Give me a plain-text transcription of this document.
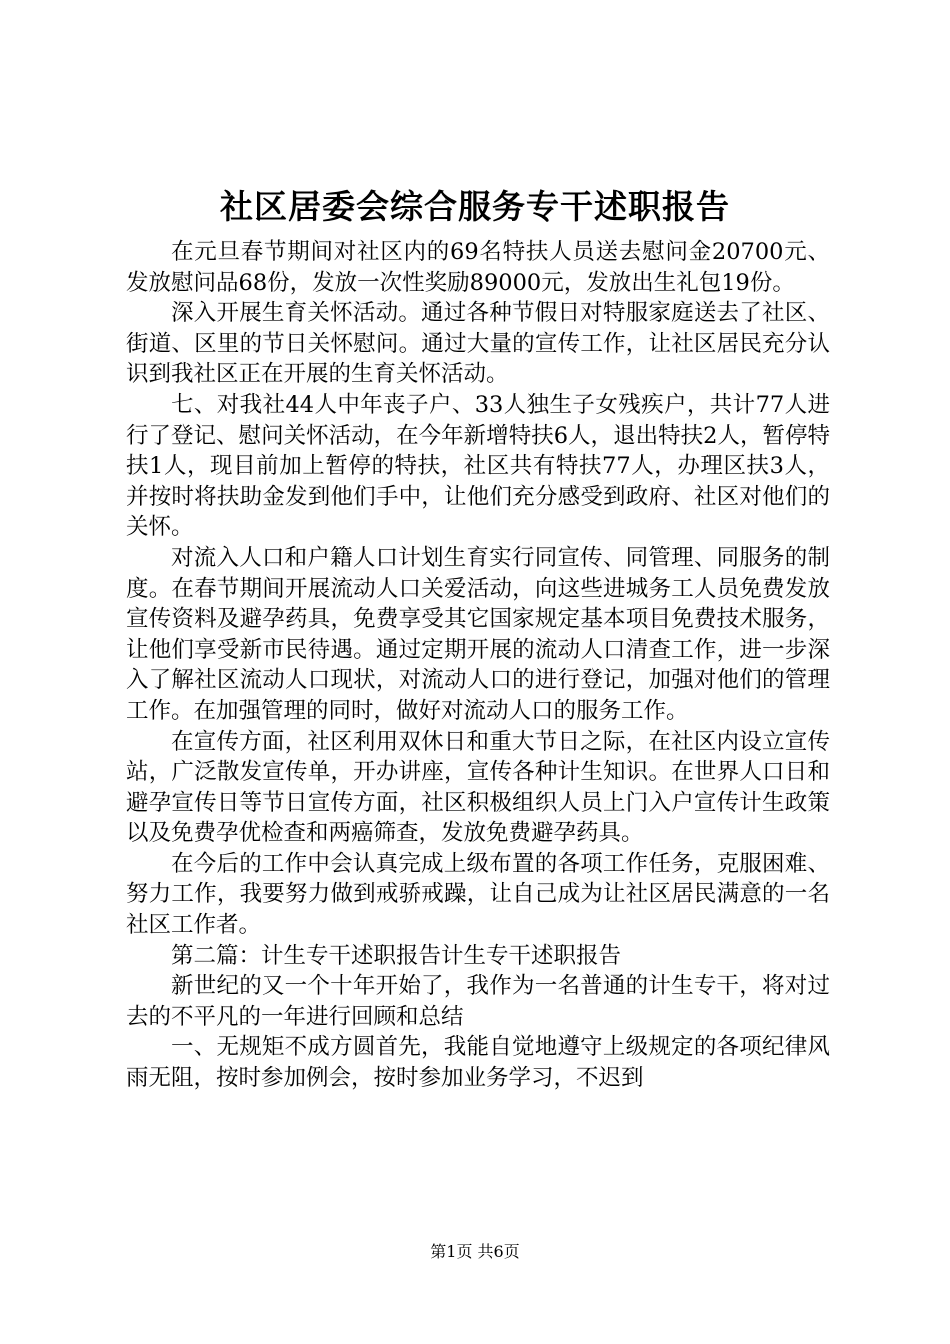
社区居委会综合服务专干述职报告

在元旦春节期间对社区内的69名特扶人员送去慰问金20700元、发放慰问品68份，发放一次性奖励89000元，发放出生礼包19份。

深入开展生育关怀活动。通过各种节假日对特服家庭送去了社区、街道、区里的节日关怀慰问。通过大量的宣传工作，让社区居民充分认识到我社区正在开展的生育关怀活动。

七、对我社44人中年丧子户、33人独生子女残疾户，共计77人进行了登记、慰问关怀活动，在今年新增特扶6人，退出特扶2人，暂停特扶1人，现目前加上暂停的特扶，社区共有特扶77人，办理区扶3人，并按时将扶助金发到他们手中，让他们充分感受到政府、社区对他们的关怀。

对流入人口和户籍人口计划生育实行同宣传、同管理、同服务的制度。在春节期间开展流动人口关爱活动，向这些进城务工人员免费发放宣传资料及避孕药具，免费享受其它国家规定基本项目免费技术服务，让他们享受新市民待遇。通过定期开展的流动人口清查工作，进一步深入了解社区流动人口现状，对流动人口的进行登记，加强对他们的管理工作。在加强管理的同时，做好对流动人口的服务工作。

在宣传方面，社区利用双休日和重大节日之际，在社区内设立宣传站，广泛散发宣传单，开办讲座，宣传各种计生知识。在世界人口日和避孕宣传日等节日宣传方面，社区积极组织人员上门入户宣传计生政策以及免费孕优检查和两癌筛查，发放免费避孕药具。

在今后的工作中会认真完成上级布置的各项工作任务，克服困难、努力工作，我要努力做到戒骄戒躁，让自己成为让社区居民满意的一名社区工作者。

第二篇：计生专干述职报告计生专干述职报告

新世纪的又一个十年开始了，我作为一名普通的计生专干，将对过去的不平凡的一年进行回顾和总结

一、无规矩不成方圆首先，我能自觉地遵守上级规定的各项纪律风雨无阻，按时参加例会，按时参加业务学习，不迟到

第1页 共6页
